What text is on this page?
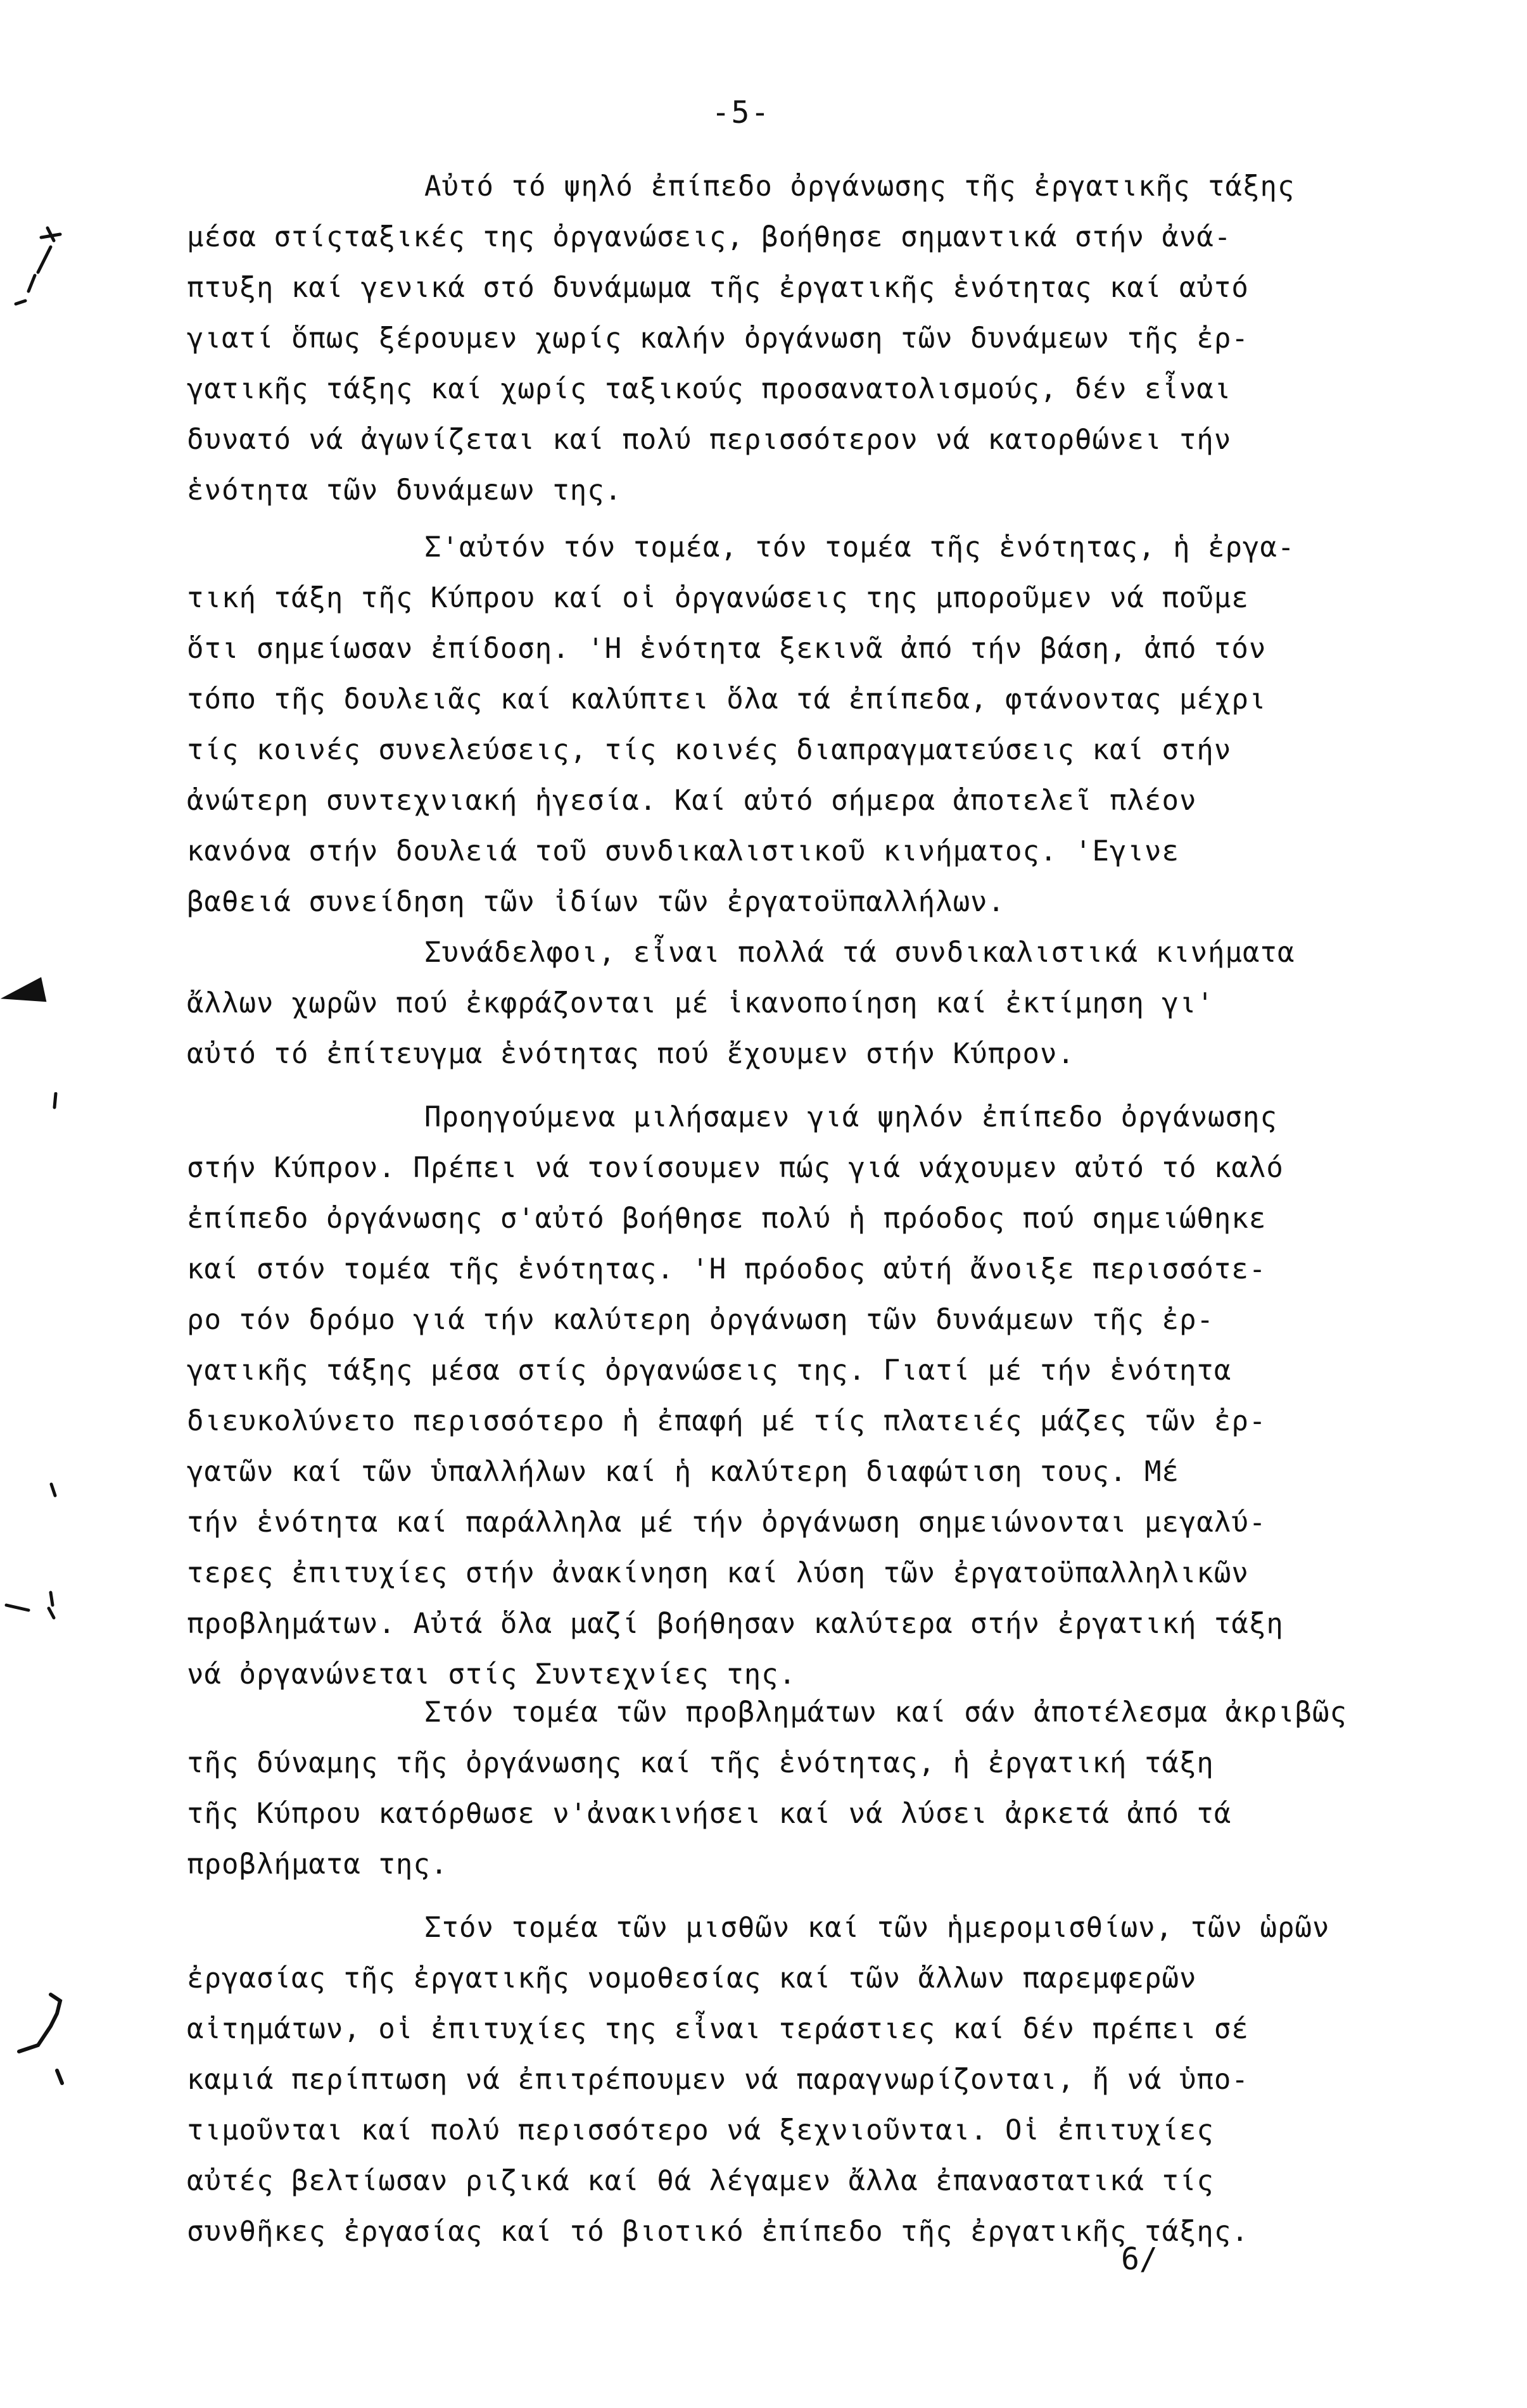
-5-
Αὐτό τό ψηλό ἐπίπεδο ὀργάνωσης τῆς ἐργατικῆς τάξης
μέσα στίςταξικές της ὀργανώσεις, βοήθησε σημαντικά στήν ἀνά-
πτυξη καί γενικά στό δυνάμωμα τῆς ἐργατικῆς ἑνότητας καί αὐτό
γιατί ὅπως ξέρουμεν χωρίς καλήν ὀργάνωση τῶν δυνάμεων τῆς ἐρ-
γατικῆς τάξης καί χωρίς ταξικούς προσανατολισμούς, δέν εἶναι
δυνατό νά ἀγωνίζεται καί πολύ περισσότερον νά κατορθώνει τήν
ἑνότητα τῶν δυνάμεων της.
Σ'αὐτόν τόν τομέα, τόν τομέα τῆς ἑνότητας, ἡ ἐργα-
τική τάξη τῆς Κύπρου καί οἱ ὀργανώσεις της μποροῦμεν νά ποῦμε
ὅτι σημείωσαν ἐπίδοση. 'Η ἑνότητα ξεκινᾶ ἀπό τήν βάση, ἀπό τόν
τόπο τῆς δουλειᾶς καί καλύπτει ὅλα τά ἐπίπεδα, φτάνοντας μέχρι
τίς κοινές συνελεύσεις, τίς κοινές διαπραγματεύσεις καί στήν
ἀνώτερη συντεχνιακή ἡγεσία. Καί αὐτό σήμερα ἀποτελεῖ πλέον
κανόνα στήν δουλειά τοῦ συνδικαλιστικοῦ κινήματος. 'Εγινε
βαθειά συνείδηση τῶν ἰδίων τῶν ἐργατοϋπαλλήλων.
Συνάδελφοι, εἶναι πολλά τά συνδικαλιστικά κινήματα
ἄλλων χωρῶν πού ἐκφράζονται μέ ἱκανοποίηση καί ἐκτίμηση γι'
αὐτό τό ἐπίτευγμα ἑνότητας πού ἔχουμεν στήν Κύπρον.
Προηγούμενα μιλήσαμεν γιά ψηλόν ἐπίπεδο ὀργάνωσης
στήν Κύπρον. Πρέπει νά τονίσουμεν πώς γιά νάχουμεν αὐτό τό καλό
ἐπίπεδο ὀργάνωσης σ'αὐτό βοήθησε πολύ ἡ πρόοδος πού σημειώθηκε
καί στόν τομέα τῆς ἑνότητας. 'Η πρόοδος αὐτή ἄνοιξε περισσότε-
ρο τόν δρόμο γιά τήν καλύτερη ὀργάνωση τῶν δυνάμεων τῆς ἐρ-
γατικῆς τάξης μέσα στίς ὀργανώσεις της. Γιατί μέ τήν ἑνότητα
διευκολύνετο περισσότερο ἡ ἐπαφή μέ τίς πλατειές μάζες τῶν ἐρ-
γατῶν καί τῶν ὑπαλλήλων καί ἡ καλύτερη διαφώτιση τους. Μέ
τήν ἑνότητα καί παράλληλα μέ τήν ὀργάνωση σημειώνονται μεγαλύ-
τερες ἐπιτυχίες στήν ἀνακίνηση καί λύση τῶν ἐργατοϋπαλληλικῶν
προβλημάτων. Αὐτά ὅλα μαζί βοήθησαν καλύτερα στήν ἐργατική τάξη
νά ὀργανώνεται στίς Συντεχνίες της.
Στόν τομέα τῶν προβλημάτων καί σάν ἀποτέλεσμα ἀκριβῶς
τῆς δύναμης τῆς ὀργάνωσης καί τῆς ἑνότητας, ἡ ἐργατική τάξη
τῆς Κύπρου κατόρθωσε ν'ἀνακινήσει καί νά λύσει ἀρκετά ἀπό τά
προβλήματα της.
Στόν τομέα τῶν μισθῶν καί τῶν ἡμερομισθίων, τῶν ὡρῶν
ἐργασίας τῆς ἐργατικῆς νομοθεσίας καί τῶν ἄλλων παρεμφερῶν
αἰτημάτων, οἱ ἐπιτυχίες της εἶναι τεράστιες καί δέν πρέπει σέ
καμιά περίπτωση νά ἐπιτρέπουμεν νά παραγνωρίζονται, ἤ νά ὑπο-
τιμοῦνται καί πολύ περισσότερο νά ξεχνιοῦνται. Οἱ ἐπιτυχίες
αὐτές βελτίωσαν ριζικά καί θά λέγαμεν ἄλλα ἐπαναστατικά τίς
συνθῆκες ἐργασίας καί τό βιοτικό ἐπίπεδο τῆς ἐργατικῆς τάξης.
6/
